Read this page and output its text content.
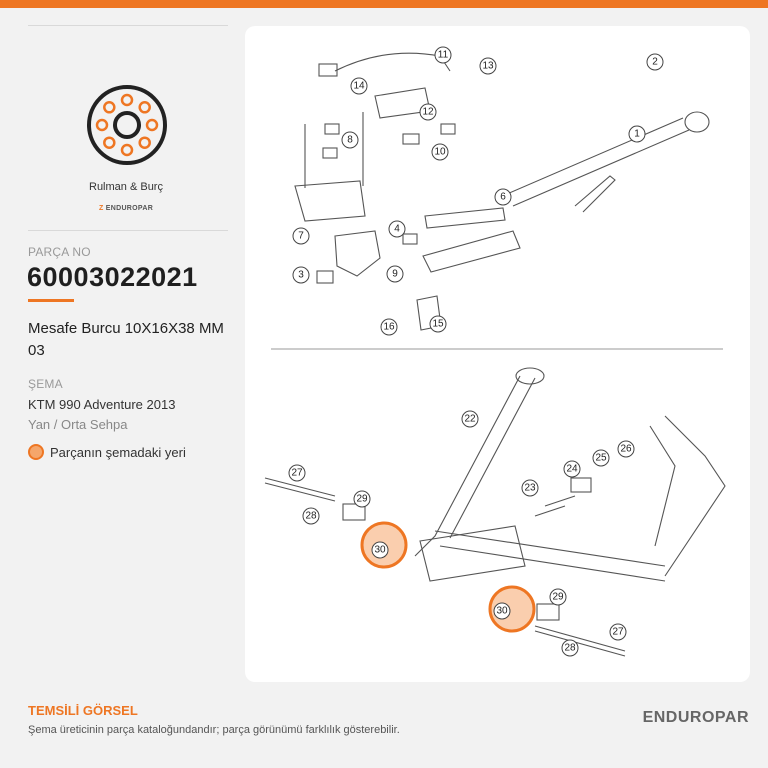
Rulman & Burç
Z ENDUROPAR
PARÇA NO
60003022021
Mesafe Burcu 10X16X38 MM 03
ŞEMA
KTM 990 Adventure 2013
Yan / Orta Sehpa
Parçanın şemadaki yeri
1
2
3
4
6
7
8
9
10
11
12
13
14
15
16
22
23
24
25
26
27
28
29
30
29
27
28
30
TEMSİLİ GÖRSEL
Şema üreticinin parça kataloğundandır; parça görünümü farklılık gösterebilir.
ENDUROPAR
